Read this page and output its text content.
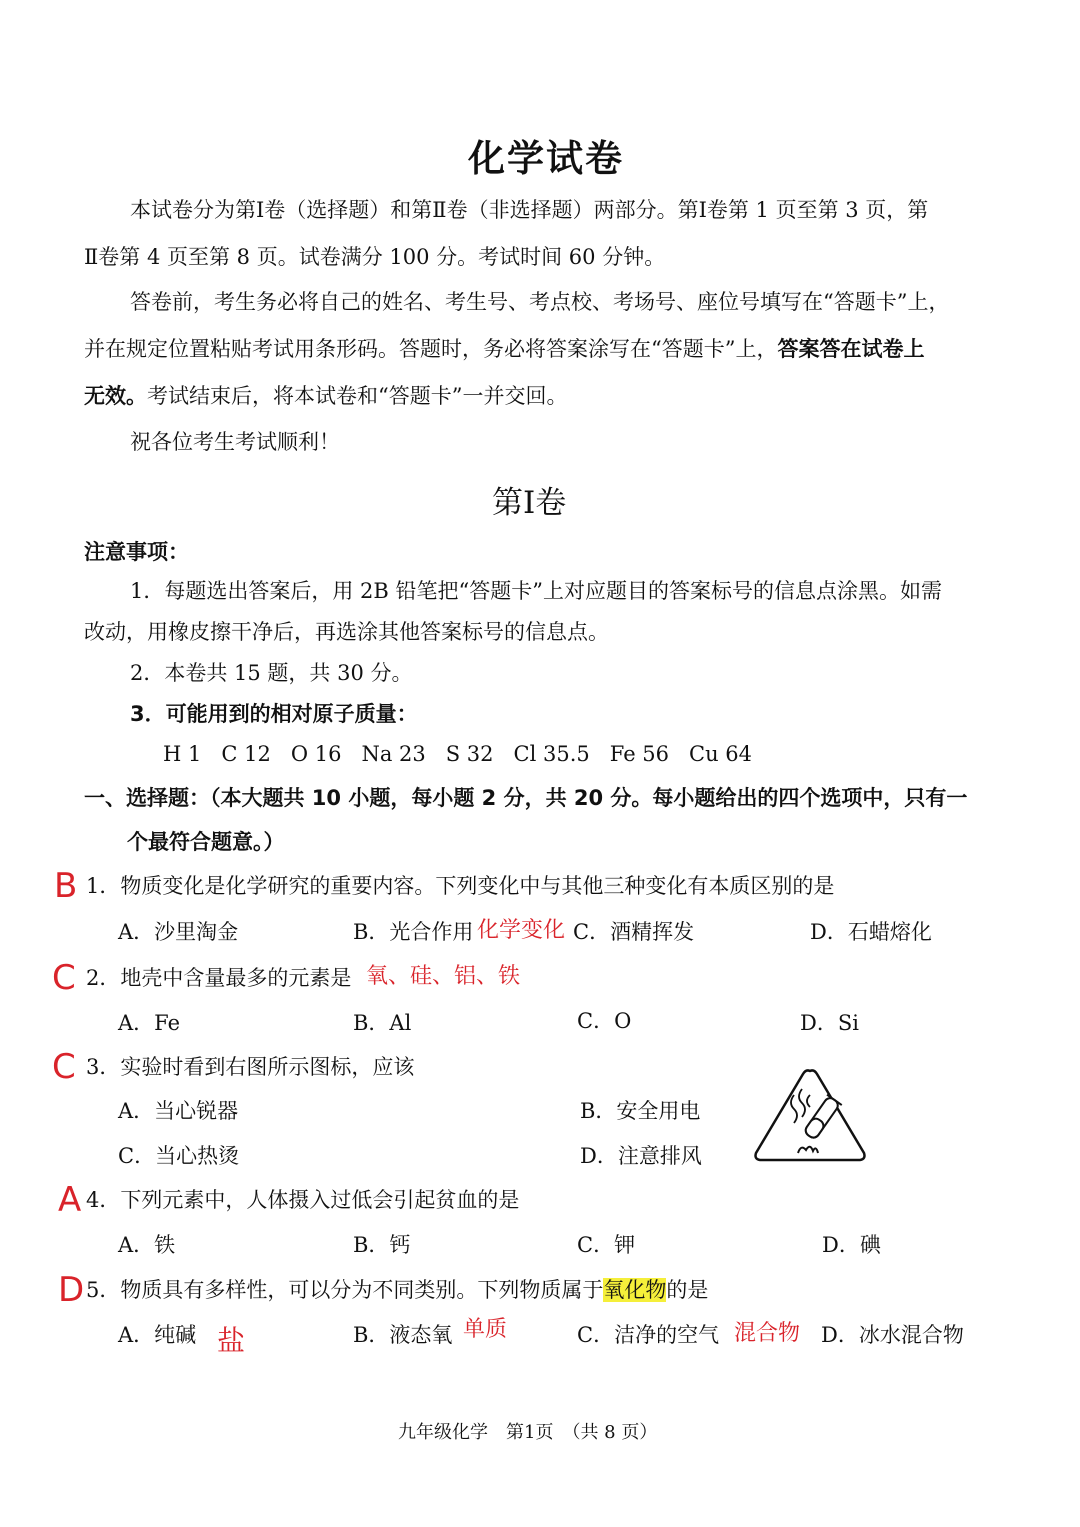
化学试卷
本试卷分为第Ⅰ卷（选择题）和第Ⅱ卷（非选择题）两部分。第Ⅰ卷第 1 页至第 3 页，第
Ⅱ卷第 4 页至第 8 页。试卷满分 100 分。考试时间 60 分钟。
答卷前，考生务必将自己的姓名、考生号、考点校、考场号、座位号填写在“答题卡”上，
并在规定位置粘贴考试用条形码。答题时，务必将答案涂写在“答题卡”上，答案答在试卷上
无效。考试结束后，将本试卷和“答题卡”一并交回。
祝各位考生考试顺利！
第Ⅰ卷
注意事项：
1．每题选出答案后，用 2B 铅笔把“答题卡”上对应题目的答案标号的信息点涂黑。如需
改动，用橡皮擦干净后，再选涂其他答案标号的信息点。
2．本卷共 15 题，共 30 分。
3．可能用到的相对原子质量：
H 1 C 12 O 16 Na 23 S 32 Cl 35.5 Fe 56 Cu 64
一、选择题：（本大题共 10 小题，每小题 2 分，共 20 分。每小题给出的四个选项中，只有一
个最符合题意。）
B 1．物质变化是化学研究的重要内容。下列变化中与其他三种变化有本质区别的是
A．沙里淘金	B．光合作用 化学变化 C．酒精挥发	D．石蜡熔化
C 2．地壳中含量最多的元素是 氧、硅、铝、铁
A．Fe	B．Al	C．O	D．Si
C 3．实验时看到右图所示图标，应该
A．当心锐器	B．安全用电
C．当心热烫	D．注意排风
A 4．下列元素中，人体摄入过低会引起贫血的是
A．铁	B．钙	C．钾	D．碘
D 5．物质具有多样性，可以分为不同类别。下列物质属于氧化物的是
A．纯碱 盐	B．液态氧 单质	C．洁净的空气 混合物 D．冰水混合物
九年级化学　第1页　（共 8 页）
